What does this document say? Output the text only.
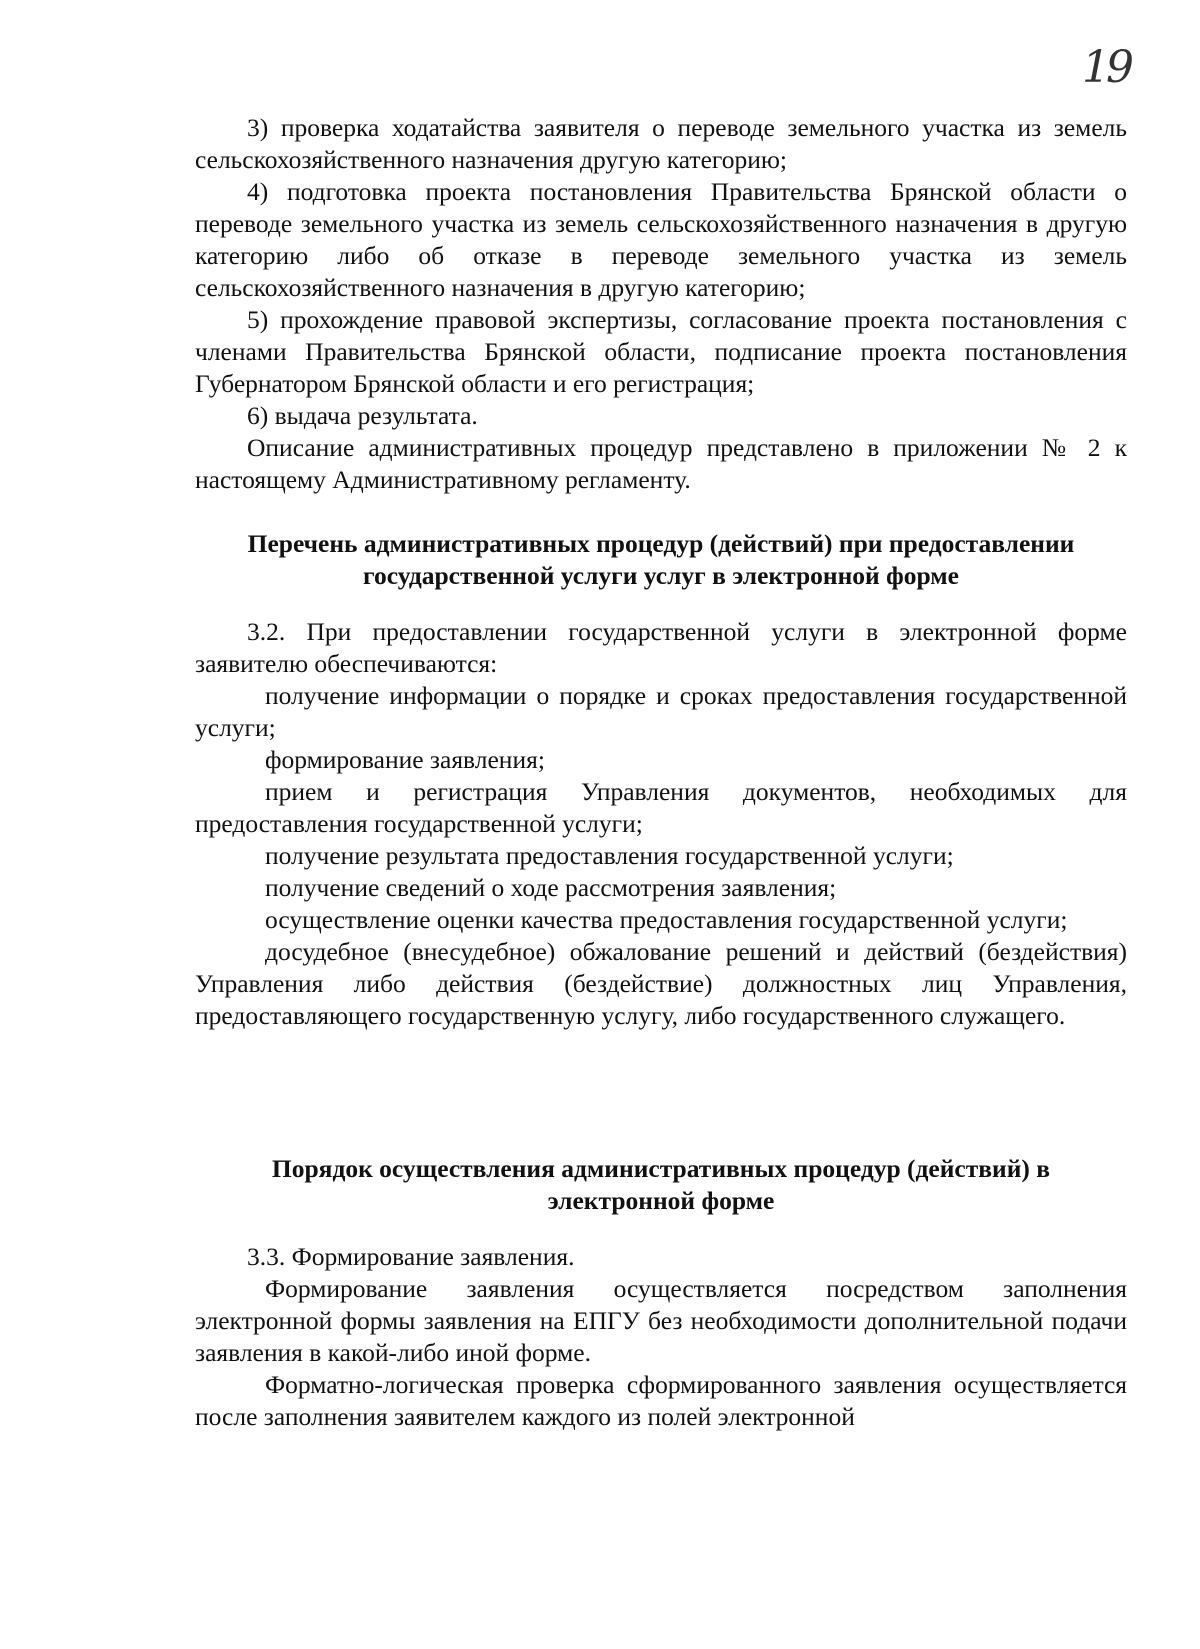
19

3) проверка ходатайства заявителя о переводе земельного участка из земель сельскохозяйственного назначения другую категорию;

4) подготовка проекта постановления Правительства Брянской области о переводе земельного участка из земель сельскохозяйственного назначения в другую категорию либо об отказе в переводе земельного участка из земель сельскохозяйственного назначения в другую категорию;

5) прохождение правовой экспертизы, согласование проекта постановления с членами Правительства Брянской области, подписание проекта постановления Губернатором Брянской области и его регистрация;

6) выдача результата.

Описание административных процедур представлено в приложении № 2 к настоящему Административному регламенту.

Перечень административных процедур (действий) при предоставлении
государственной услуги услуг в электронной форме

3.2. При предоставлении государственной услуги в электронной форме заявителю обеспечиваются:

получение информации о порядке и сроках предоставления государственной услуги;

формирование заявления;

прием и регистрация Управления документов, необходимых для предоставления государственной услуги;

получение результата предоставления государственной услуги;

получение сведений о ходе рассмотрения заявления;

осуществление оценки качества предоставления государственной услуги;

досудебное (внесудебное) обжалование решений и действий (бездействия) Управления либо действия (бездействие) должностных лиц Управления, предоставляющего государственную услугу, либо государственного служащего.

Порядок осуществления административных процедур (действий) в
электронной форме

3.3. Формирование заявления.

Формирование заявления осуществляется посредством заполнения электронной формы заявления на ЕПГУ без необходимости дополнительной подачи заявления в какой-либо иной форме.

Форматно-логическая проверка сформированного заявления осуществляется после заполнения заявителем каждого из полей электронной
